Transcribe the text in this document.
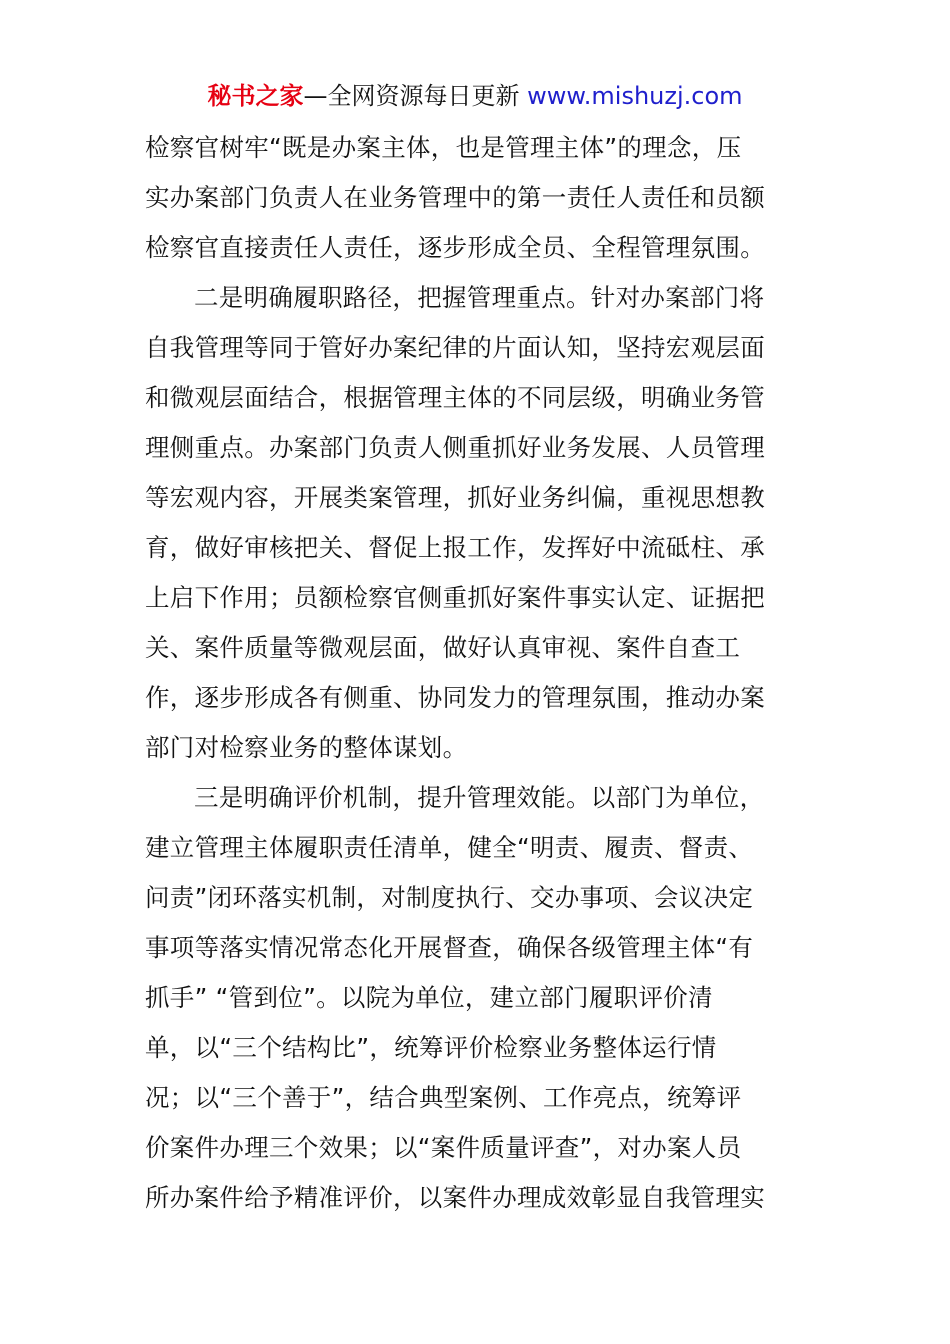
秘书之家—全网资源每日更新 www.mishuzj.com
检察官树牢“既是办案主体，也是管理主体”的理念，压
实办案部门负责人在业务管理中的第一责任人责任和员额
检察官直接责任人责任，逐步形成全员、全程管理氛围。
二是明确履职路径，把握管理重点。针对办案部门将
自我管理等同于管好办案纪律的片面认知，坚持宏观层面
和微观层面结合，根据管理主体的不同层级，明确业务管
理侧重点。办案部门负责人侧重抓好业务发展、人员管理
等宏观内容，开展类案管理，抓好业务纠偏，重视思想教
育，做好审核把关、督促上报工作，发挥好中流砥柱、承
上启下作用；员额检察官侧重抓好案件事实认定、证据把
关、案件质量等微观层面，做好认真审视、案件自查工
作，逐步形成各有侧重、协同发力的管理氛围，推动办案
部门对检察业务的整体谋划。
三是明确评价机制，提升管理效能。以部门为单位，
建立管理主体履职责任清单，健全“明责、履责、督责、
问责”闭环落实机制，对制度执行、交办事项、会议决定
事项等落实情况常态化开展督查，确保各级管理主体“有
抓手” “管到位”。以院为单位，建立部门履职评价清
单，以“三个结构比”，统筹评价检察业务整体运行情
况；以“三个善于”，结合典型案例、工作亮点，统筹评
价案件办理三个效果；以“案件质量评查”，对办案人员
所办案件给予精准评价，以案件办理成效彰显自我管理实
